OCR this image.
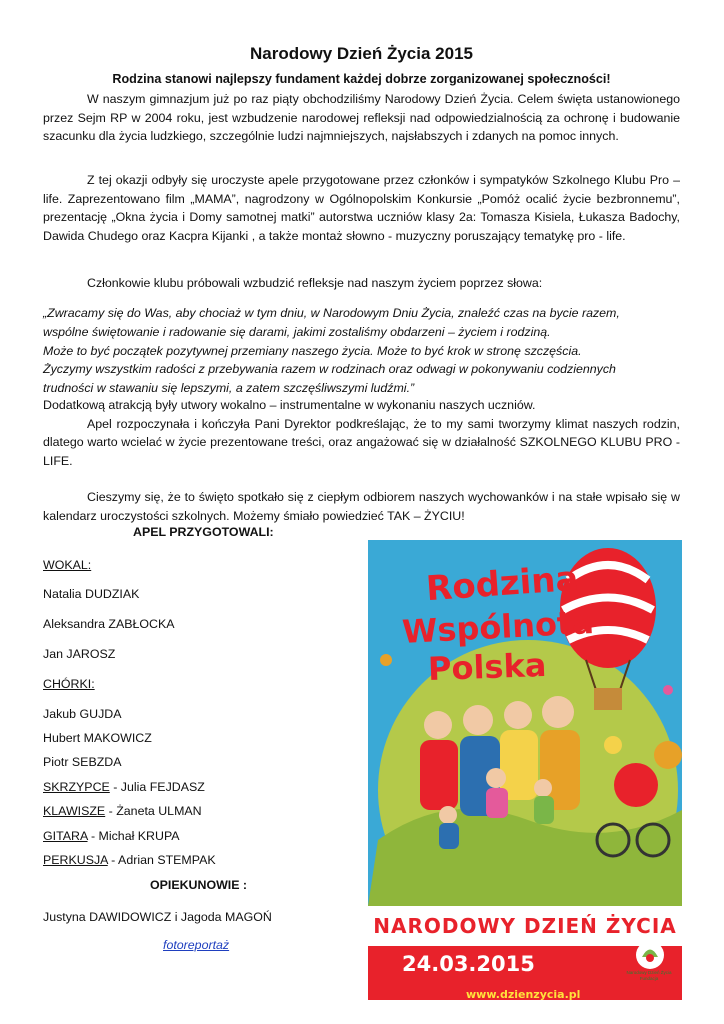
Narodowy Dzień Życia 2015
Rodzina stanowi najlepszy fundament każdej dobrze zorganizowanej społeczności!

W naszym gimnazjum już po raz piąty obchodziliśmy Narodowy Dzień Życia. Celem święta ustanowionego przez Sejm RP w 2004 roku, jest wzbudzenie narodowej refleksji nad odpowiedzialnością za ochronę i budowanie szacunku dla życia ludzkiego, szczególnie ludzi najmniejszych, najsłabszych i zdanych na pomoc innych.

Z tej okazji odbyły się uroczyste apele przygotowane przez członków i sympatyków Szkolnego Klubu Pro – life. Zaprezentowano film „MAMA”, nagrodzony w Ogólnopolskim Konkursie „Pomóż ocalić życie bezbronnemu”, prezentację „Okna życia i Domy samotnej matki” autorstwa uczniów klasy 2a: Tomasza Kisiela, Łukasza Badochy, Dawida Chudego oraz Kacpra Kijanki , a także montaż słowno - muzyczny poruszający tematykę pro - life.

Członkowie klubu próbowali wzbudzić refleksje nad naszym życiem poprzez słowa:

„Zwracamy się do Was, aby chociaż w tym dniu, w Narodowym Dniu Życia, znaleźć czas na bycie razem,
wspólne świętowanie i radowanie się darami, jakimi zostaliśmy obdarzeni – życiem i rodziną.
Może to być początek pozytywnej przemiany naszego życia. Może to być krok w stronę szczęścia.
Życzymy wszystkim radości z przebywania razem w rodzinach oraz odwagi w pokonywaniu codziennych
trudności w stawaniu się lepszymi, a zatem szczęśliwszymi ludźmi.”
Dodatkową atrakcją były utwory wokalno – instrumentalne w wykonaniu naszych uczniów.
Apel rozpoczynała i kończyła Pani Dyrektor podkreślając, że to my sami tworzymy klimat naszych rodzin, dlatego warto wcielać w życie prezentowane treści, oraz angażować się w działalność SZKOLNEGO KLUBU PRO - LIFE.
Cieszymy się, że to święto spotkało się z ciepłym odbiorem naszych wychowanków i na stałe wpisało się w kalendarz uroczystości szkolnych. Możemy śmiało powiedzieć TAK – ŻYCIU!
APEL PRZYGOTOWALI:
WOKAL:
Natalia DUDZIAK
Aleksandra ZABŁOCKA
Jan JAROSZ
CHÓRKI:
Jakub GUJDA
Hubert MAKOWICZ
Piotr SEBZDA
SKRZYPCE - Julia FEJDASZ
KLAWISZE - Żaneta ULMAN
GITARA - Michał KRUPA
PERKUSJA - Adrian STEMPAK
OPIEKUNOWIE :
Justyna DAWIDOWICZ i Jagoda MAGOŃ
fotoreportaż
Rodzina
Wspólnota
Polska
NARODOWY DZIEŃ ŻYCIA
24.03.2015
www.dzienzycia.pl
Narodowy Dzień Życia Fundacja
